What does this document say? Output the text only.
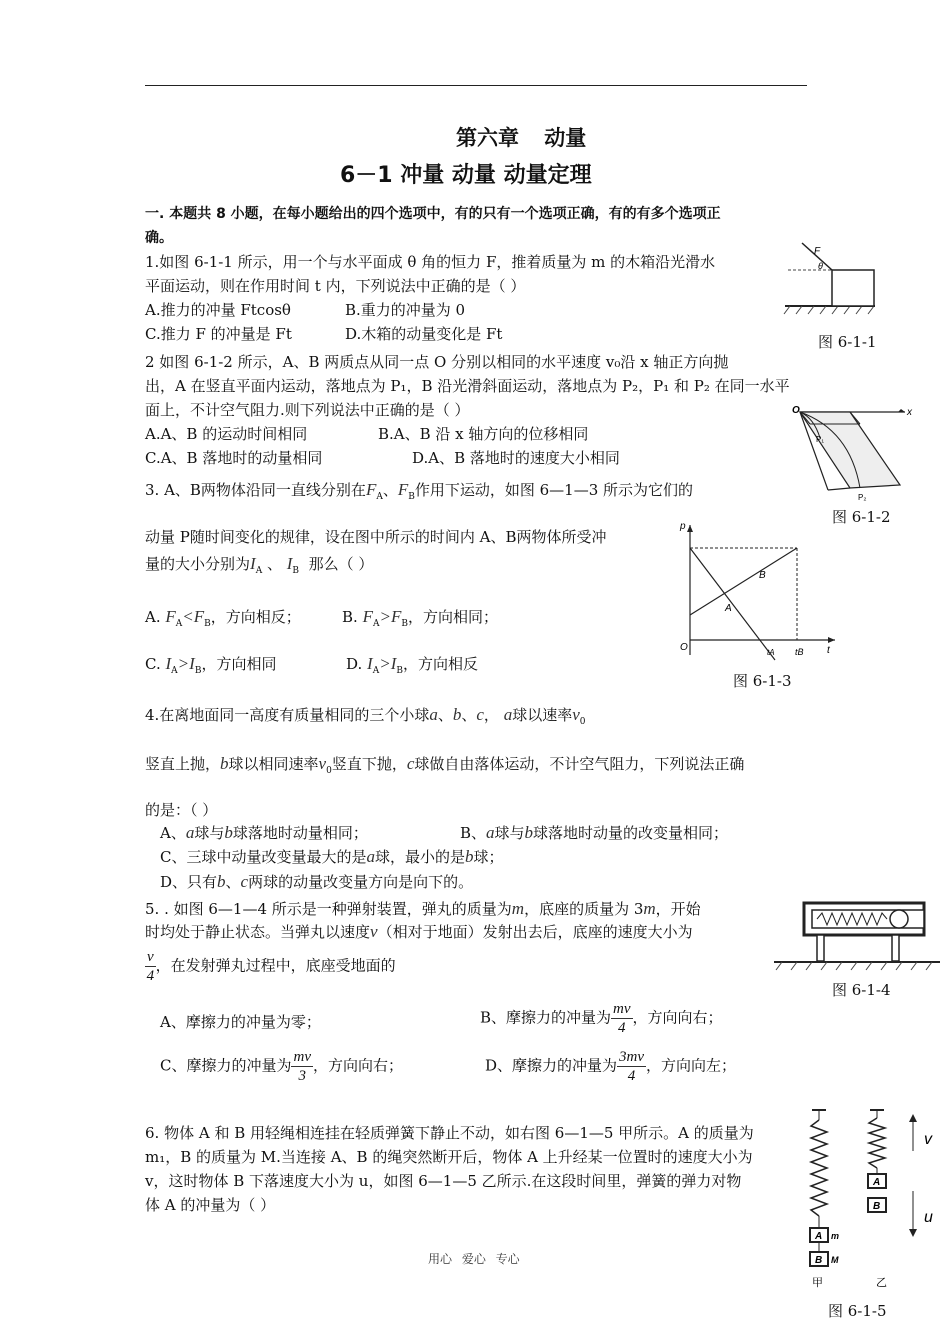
第六章 动量
6－1 冲量 动量 动量定理
一. 本题共 8 小题，在每小题给出的四个选项中，有的只有一个选项正确，有的有多个选项正
确。
1.如图 6-1-1 所示，用一个与水平面成 θ 角的恒力 F，推着质量为 m 的木箱沿光滑水
平面运动，则在作用时间 t 内，下列说法中正确的是（ ）
A.推力的冲量 Ftcosθ	B.重力的冲量为 0
C.推力 F 的冲量是 Ft	D.木箱的动量变化是 Ft
F
θ
图 6-1-1
2 如图 6-1-2 所示，A、B 两质点从同一点 O 分别以相同的水平速度 v₀沿 x 轴正方向抛
出，A 在竖直平面内运动，落地点为 P₁，B 沿光滑斜面运动，落地点为 P₂，P₁ 和 P₂ 在同一水平
面上，不计空气阻力.则下列说法中正确的是（ ）
A.A、B 的运动时间相同	B.A、B 沿 x 轴方向的位移相同
C.A、B 落地时的动量相同	D.A、B 落地时的速度大小相同
O	x
P₁
P₂
图 6-1-2
3. A、B两物体沿同一直线分别在$F_A$、$F_B$作用下运动，如图 6—1—3 所示为它们的
动量 P随时间变化的规律，设在图中所示的时间内 A、B两物体所受冲
量的大小分别为$I_A$ 、 $I_B$ 那么（ ）
A. $F_A<F_B$，方向相反；	B. $F_A>F_B$，方向相同；
C. $I_A>I_B$，方向相同	D. $I_A>I_B$，方向相反
p
t
O
A
B
tA tB
图 6-1-3
4.在离地面同一高度有质量相同的三个小球a、b、c， a球以速率$v_0$
竖直上抛，b球以相同速率$v_0$竖直下抛，c球做自由落体运动，不计空气阻力，下列说法正确
的是：（ ）
A、a球与b球落地时动量相同；	B、a球与b球落地时动量的改变量相同；
C、三球中动量改变量最大的是a球，最小的是b球；
D、只有b、c两球的动量改变量方向是向下的。
5. . 如图 6—1—4 所示是一种弹射装置，弹丸的质量为m，底座的质量为 3m，开始
时均处于静止状态。当弹丸以速度v（相对于地面）发射出去后，底座的速度大小为
$\frac{v}{4}$ ，在发射弹丸过程中，底座受地面的
A、摩擦力的冲量为零；	B、摩擦力的冲量为 $\frac{mv}{4}$ ，方向向右；
C、摩擦力的冲量为 $\frac{mv}{3}$ ，方向向右；	D、摩擦力的冲量为 $\frac{3mv}{4}$ ，方向向左；
图 6-1-4
6. 物体 A 和 B 用轻绳相连挂在轻质弹簧下静止不动，如右图 6—1—5 甲所示。A 的质量为
m₁，B 的质量为 M.当连接 A、B 的绳突然断开后，物体 A 上升经某一位置时的速度大小为
v，这时物体 B 下落速度大小为 u，如图 6—1—5 乙所示.在这段时间里，弹簧的弹力对物
体 A 的冲量为（ ）
A m
B M
甲
A
B
乙
v
u
图 6-1-5
用心 爱心 专心
